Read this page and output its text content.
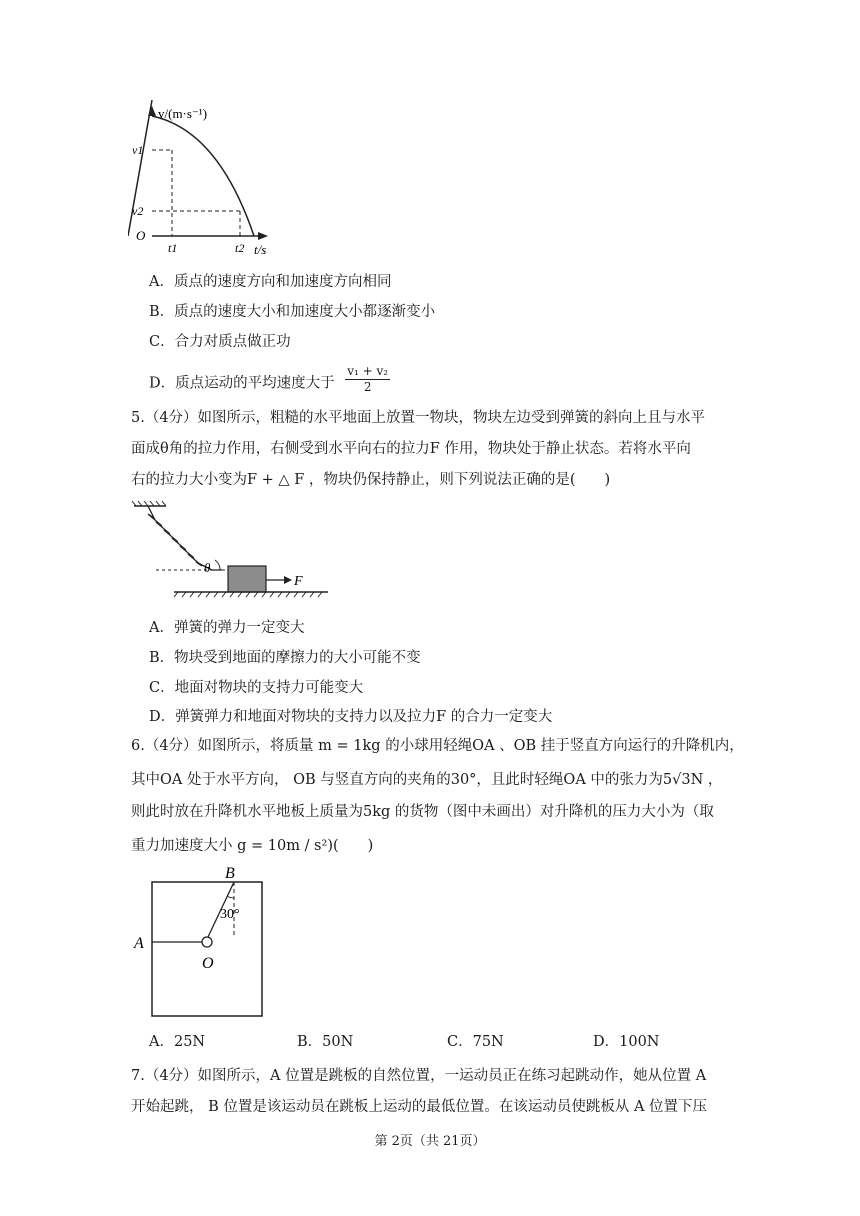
v/(m·s⁻¹)
v1
v2
O
t1	t2 t/s
A．质点的速度方向和加速度方向相同
B．质点的速度大小和加速度大小都逐渐变小
C．合力对质点做正功
D．质点运动的平均速度大于 $\frac{\text{v₁ + v₂}}{2}$
5.（4分）如图所示，粗糙的水平地面上放置一物块，物块左边受到弹簧的斜向上且与水平
面成θ角的拉力作用，右侧受到水平向右的拉力F 作用，物块处于静止状态。若将水平向
右的拉力大小变为F + △ F ，物块仍保持静止，则下列说法正确的是(　　)
θ
F
A．弹簧的弹力一定变大
B．物块受到地面的摩擦力的大小可能不变
C．地面对物块的支持力可能变大
D．弹簧弹力和地面对物块的支持力以及拉力F 的合力一定变大
6.（4分）如图所示，将质量 m = 1kg 的小球用轻绳OA 、OB 挂于竖直方向运行的升降机内，
其中OA 处于水平方向， OB 与竖直方向的夹角的30°，且此时轻绳OA 中的张力为5√3N ，
则此时放在升降机水平地板上质量为5kg 的货物（图中未画出）对升降机的压力大小为（取
重力加速度大小 g = 10m / s²)(　　)
B
30°
A
O
A．25N	B．50N	C．75N	D．100N
7.（4分）如图所示，A 位置是跳板的自然位置，一运动员正在练习起跳动作，她从位置 A
开始起跳， B 位置是该运动员在跳板上运动的最低位置。在该运动员使跳板从 A 位置下压
第 2页（共 21页）
